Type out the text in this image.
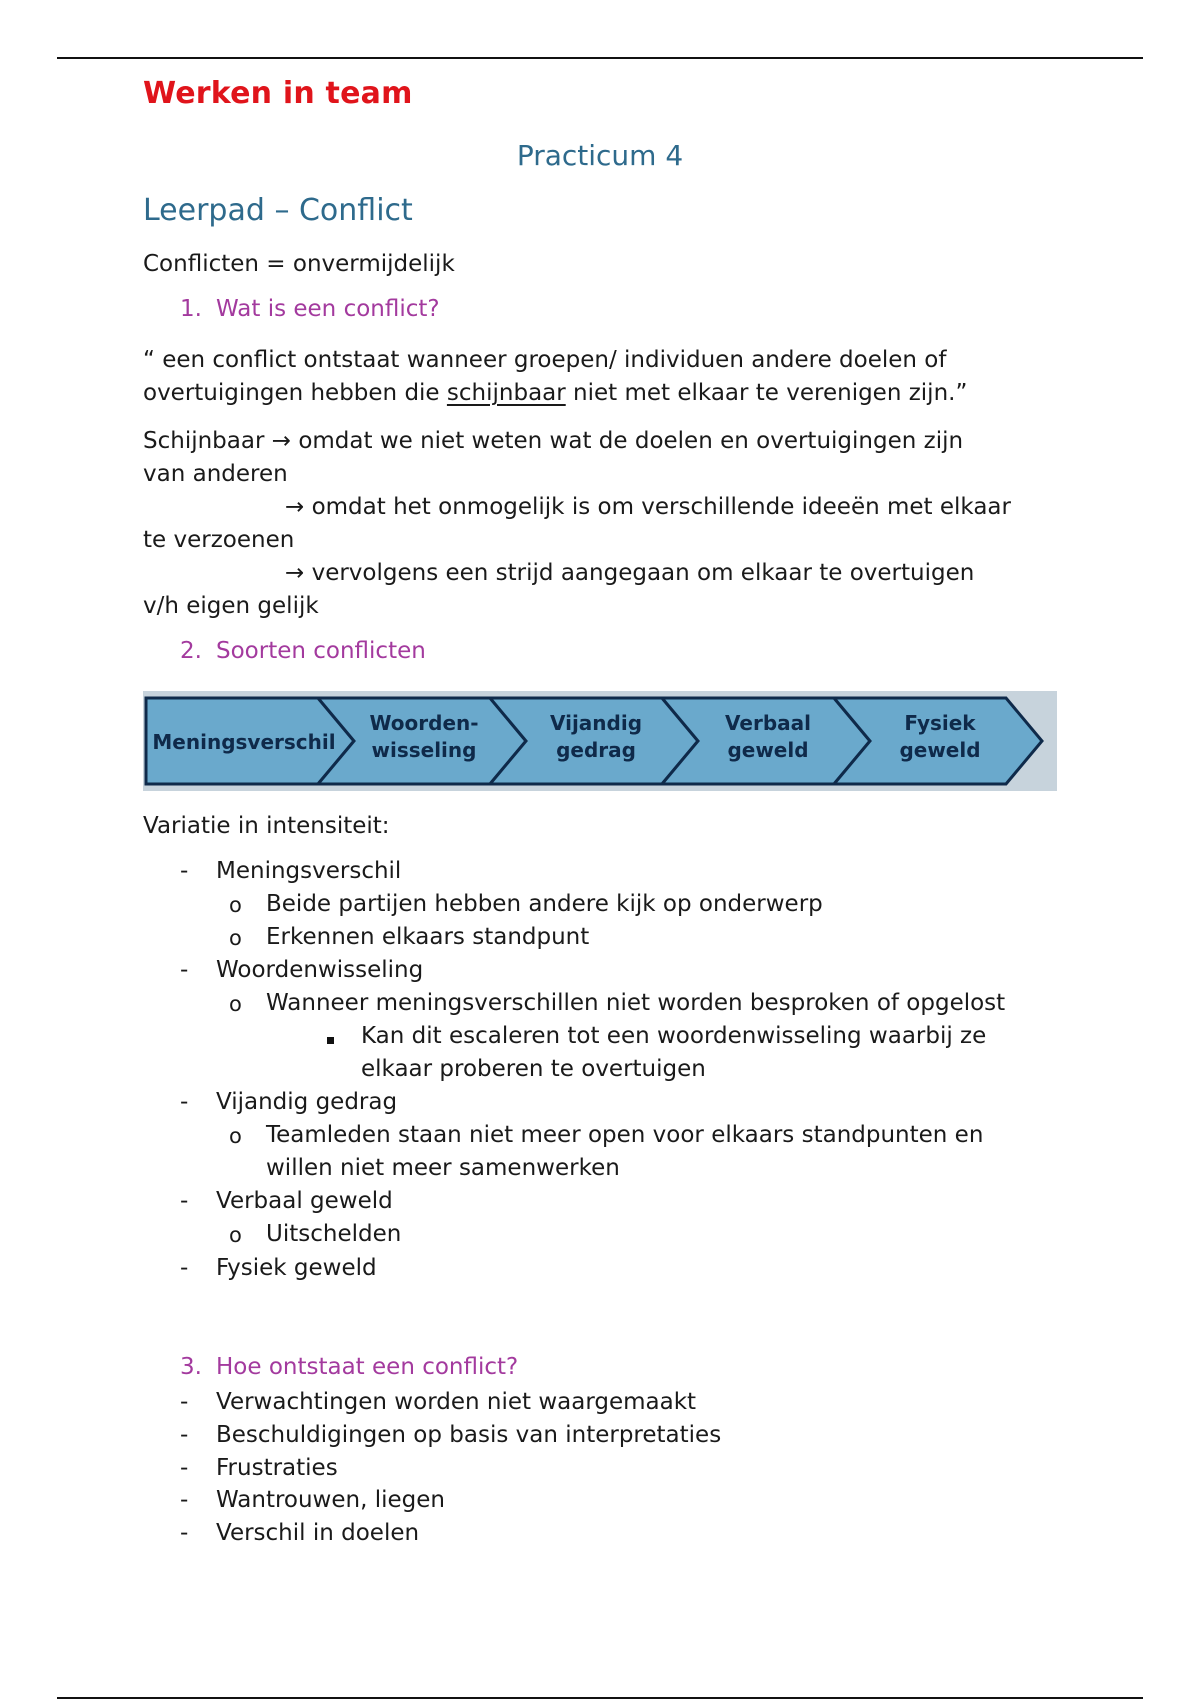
Werken in team
Practicum 4
Leerpad – Conflict
Conflicten = onvermijdelijk
1. Wat is een conflict?
“ een conflict ontstaat wanneer groepen/ individuen andere doelen of
overtuigingen hebben die schijnbaar niet met elkaar te verenigen zijn.”
Schijnbaar → omdat we niet weten wat de doelen en overtuigingen zijn
van anderen
→ omdat het onmogelijk is om verschillende ideeën met elkaar
te verzoenen
→ vervolgens een strijd aangegaan om elkaar te overtuigen
v/h eigen gelijk
2. Soorten conflicten
Meningsverschil
Woorden-
wisseling
Vijandig
gedrag
Verbaal
geweld
Fysiek
geweld
Variatie in intensiteit:
- Meningsverschil
o Beide partijen hebben andere kijk op onderwerp
o Erkennen elkaars standpunt
- Woordenwisseling
o Wanneer meningsverschillen niet worden besproken of opgelost
Kan dit escaleren tot een woordenwisseling waarbij ze
elkaar proberen te overtuigen
- Vijandig gedrag
o Teamleden staan niet meer open voor elkaars standpunten en
willen niet meer samenwerken
- Verbaal geweld
o Uitschelden
- Fysiek geweld
3. Hoe ontstaat een conflict?
- Verwachtingen worden niet waargemaakt
- Beschuldigingen op basis van interpretaties
- Frustraties
- Wantrouwen, liegen
- Verschil in doelen
